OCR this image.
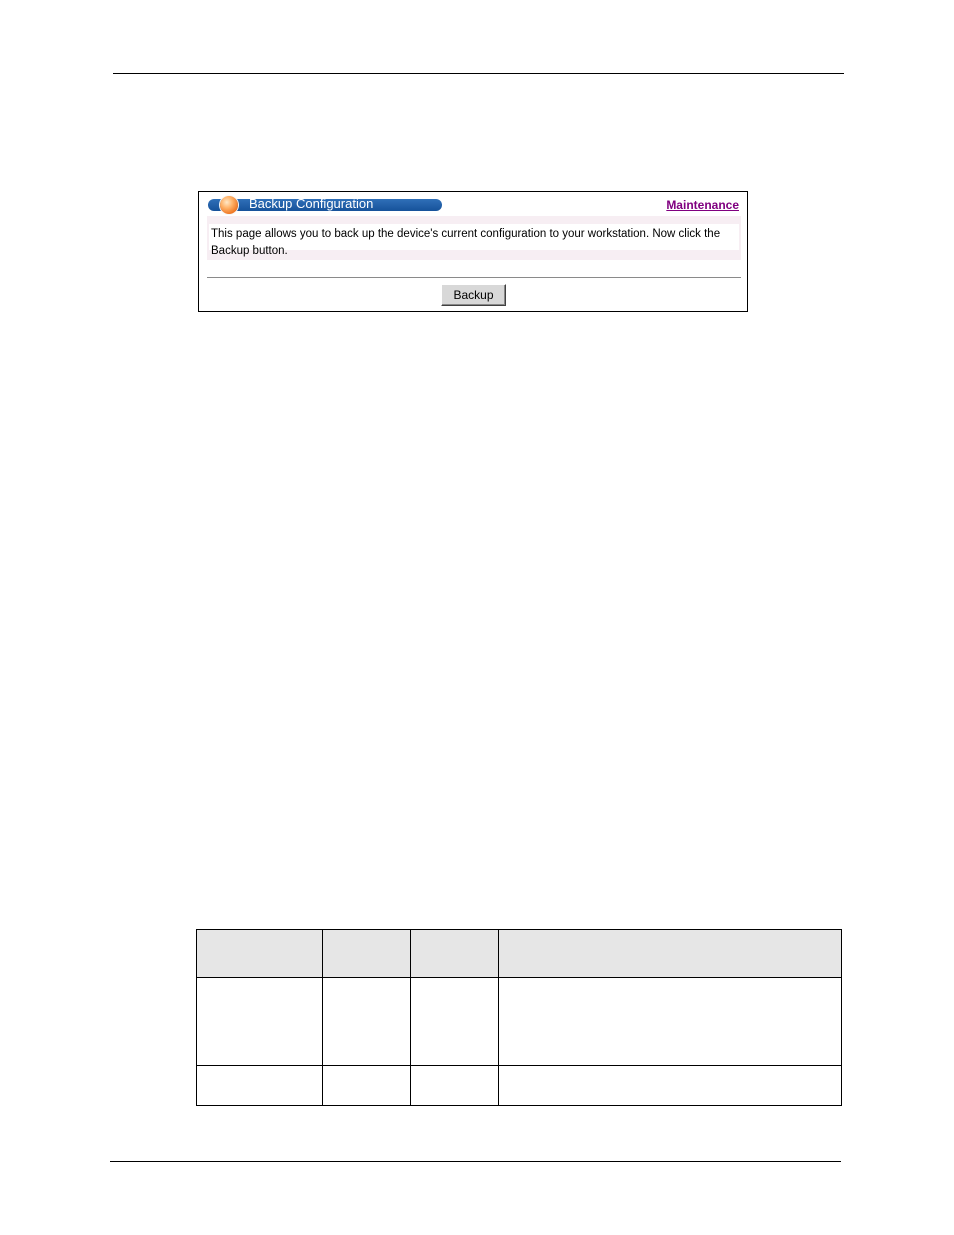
Backup Configuration	Maintenance
This page allows you to back up the device's current configuration to your workstation. Now click the Backup button.
Backup
